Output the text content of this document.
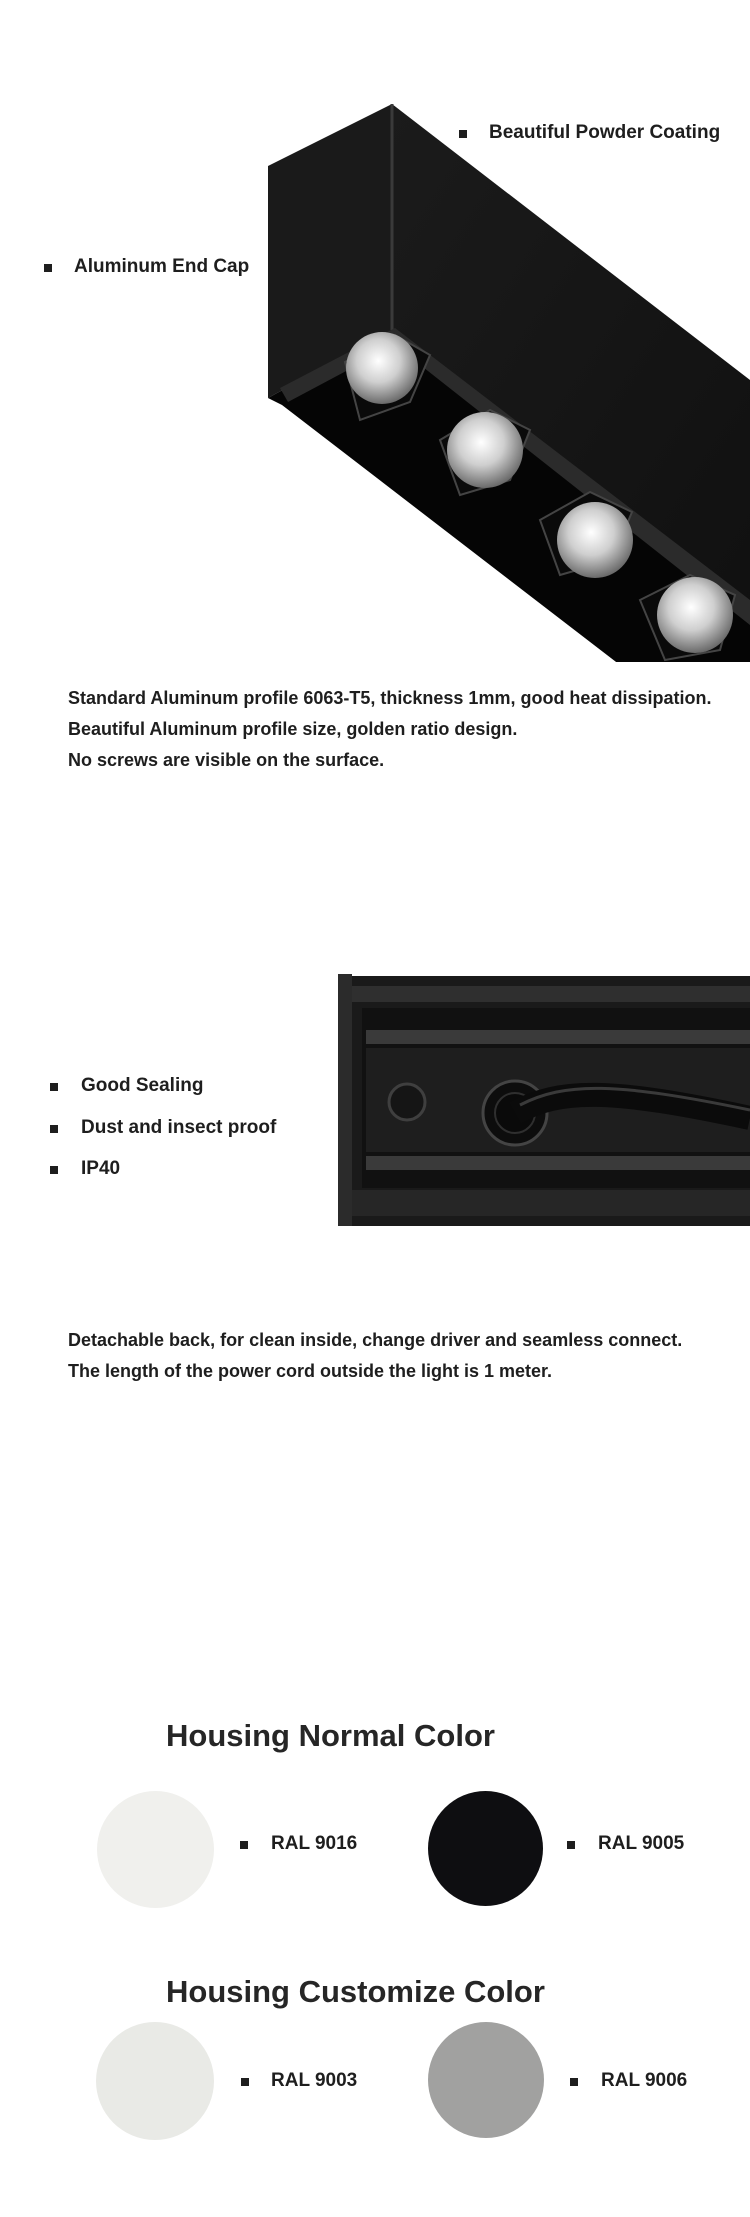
Beautiful Powder Coating
Aluminum End Cap
Standard Aluminum profile 6063-T5, thickness 1mm, good heat dissipation.
Beautiful Aluminum profile size, golden ratio design.
No screws are visible on the surface.
Good Sealing
Dust and insect proof
IP40
Detachable back, for clean inside, change driver and seamless connect.
The length of the power cord outside the light is 1 meter.
Housing Normal Color
RAL 9016	RAL 9005
Housing Customize Color
RAL 9003	RAL 9006
